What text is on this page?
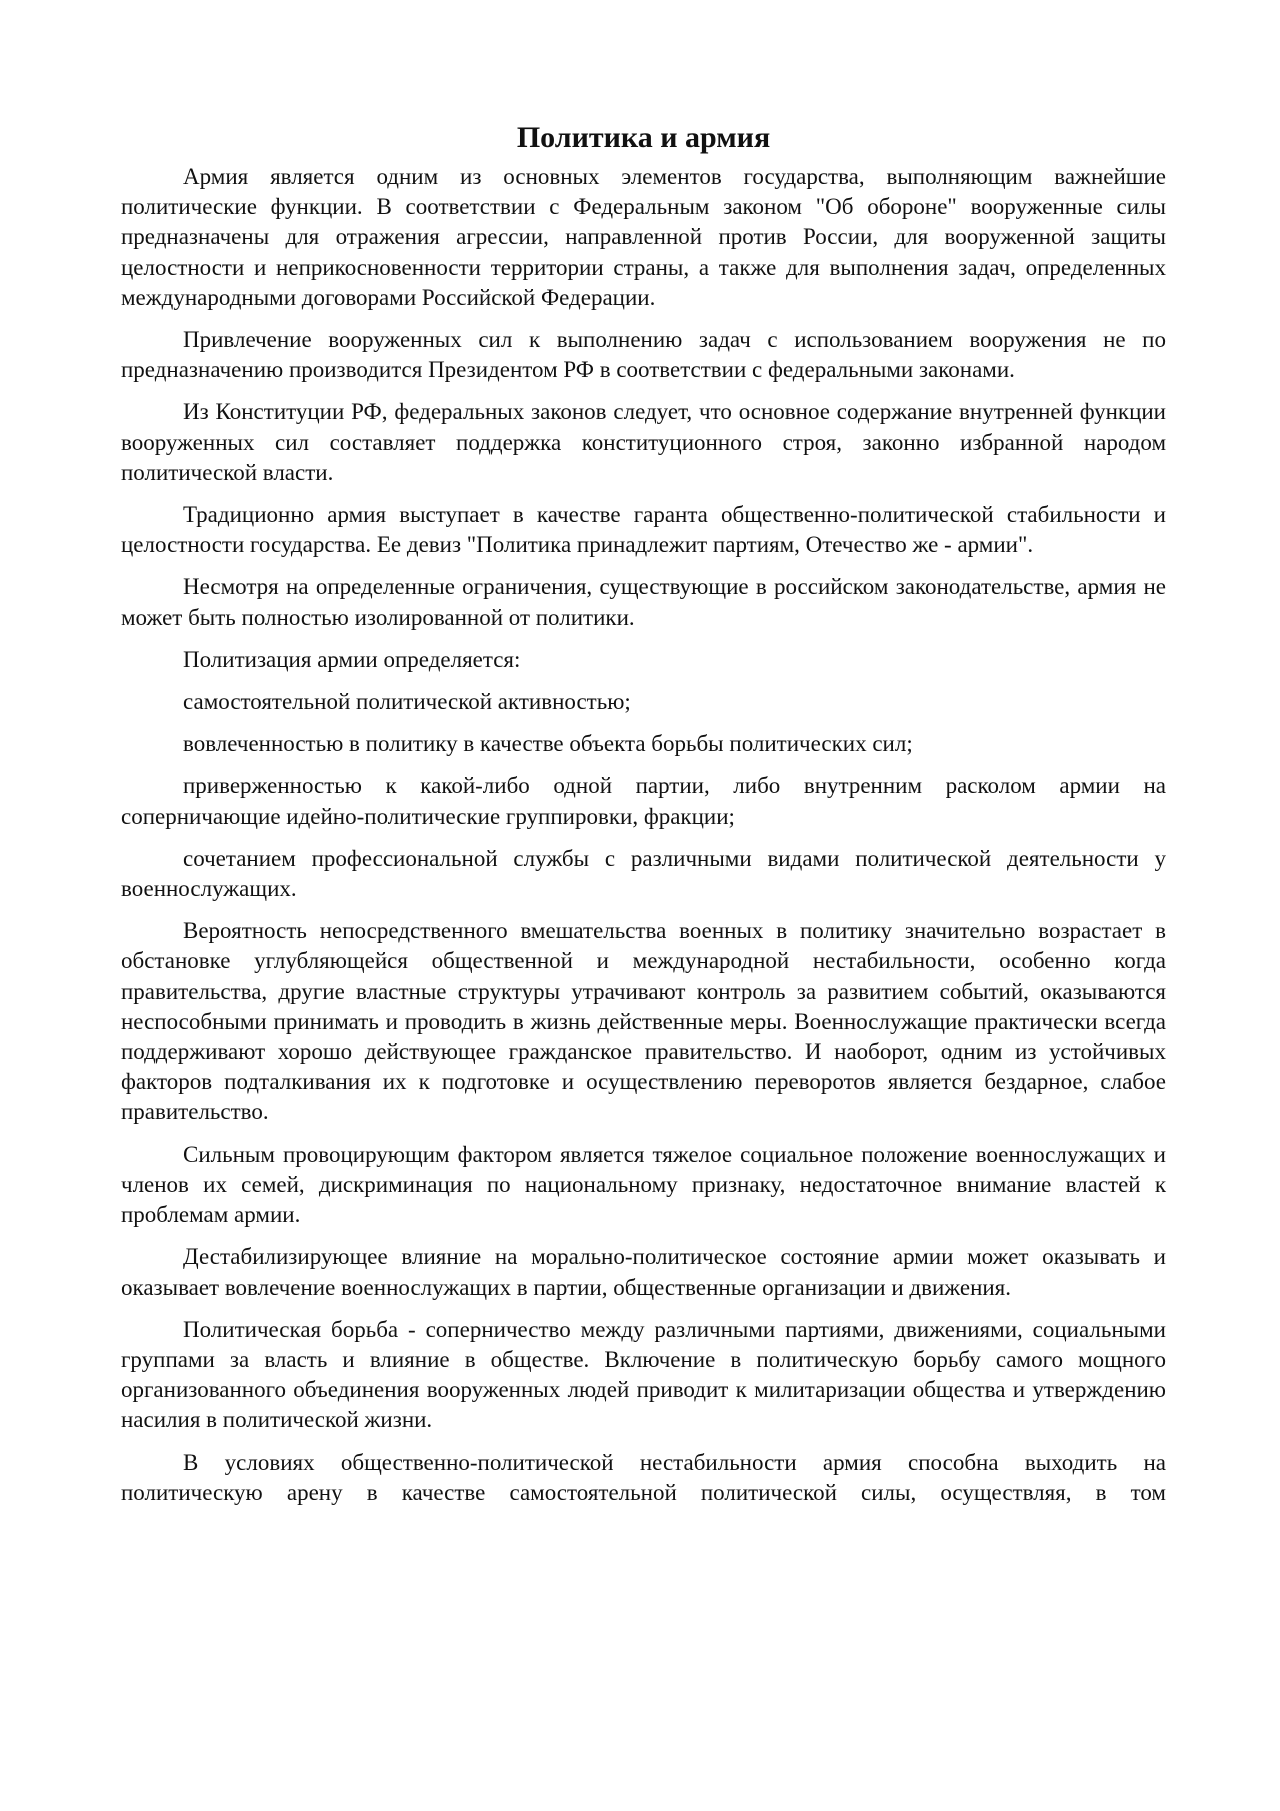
Политика и армия

Армия является одним из основных элементов государства, выполняющим важнейшие политические функции. В соответствии с Федеральным законом "Об обороне" вооруженные силы предназначены для отражения агрессии, направленной против России, для вооруженной защиты целостности и неприкосновенности территории страны, а также для выполнения задач, определенных международными договорами Российской Федерации.

Привлечение вооруженных сил к выполнению задач с использованием вооружения не по предназначению производится Президентом РФ в соответствии с федеральными законами.

Из Конституции РФ, федеральных законов следует, что основное содержание внутренней функции вооруженных сил составляет поддержка конституционного строя, законно избранной народом политической власти.

Традиционно армия выступает в качестве гаранта общественно-политической стабильности и целостности государства. Ее девиз "Политика принадлежит партиям, Отечество же - армии".

Несмотря на определенные ограничения, существующие в российском законодательстве, армия не может быть полностью изолированной от политики.

Политизация армии определяется:

самостоятельной политической активностью;

вовлеченностью в политику в качестве объекта борьбы политических сил;

приверженностью к какой-либо одной партии, либо внутренним расколом армии на соперничающие идейно-политические группировки, фракции;

сочетанием профессиональной службы с различными видами политической деятельности у военнослужащих.

Вероятность непосредственного вмешательства военных в политику значительно возрастает в обстановке углубляющейся общественной и международной нестабильности, особенно когда правительства, другие властные структуры утрачивают контроль за развитием событий, оказываются неспособными принимать и проводить в жизнь действенные меры. Военнослужащие практически всегда поддерживают хорошо действующее гражданское правительство. И наоборот, одним из устойчивых факторов подталкивания их к подготовке и осуществлению переворотов является бездарное, слабое правительство.

Сильным провоцирующим фактором является тяжелое социальное положение военнослужащих и членов их семей, дискриминация по национальному признаку, недостаточное внимание властей к проблемам армии.

Дестабилизирующее влияние на морально-политическое состояние армии может оказывать и оказывает вовлечение военнослужащих в партии, общественные организации и движения.

Политическая борьба - соперничество между различными партиями, движениями, социальными группами за власть и влияние в обществе. Включение в политическую борьбу самого мощного организованного объединения вооруженных людей приводит к милитаризации общества и утверждению насилия в политической жизни.

В условиях общественно-политической нестабильности армия способна выходить на политическую арену в качестве самостоятельной политической силы, осуществляя, в том
